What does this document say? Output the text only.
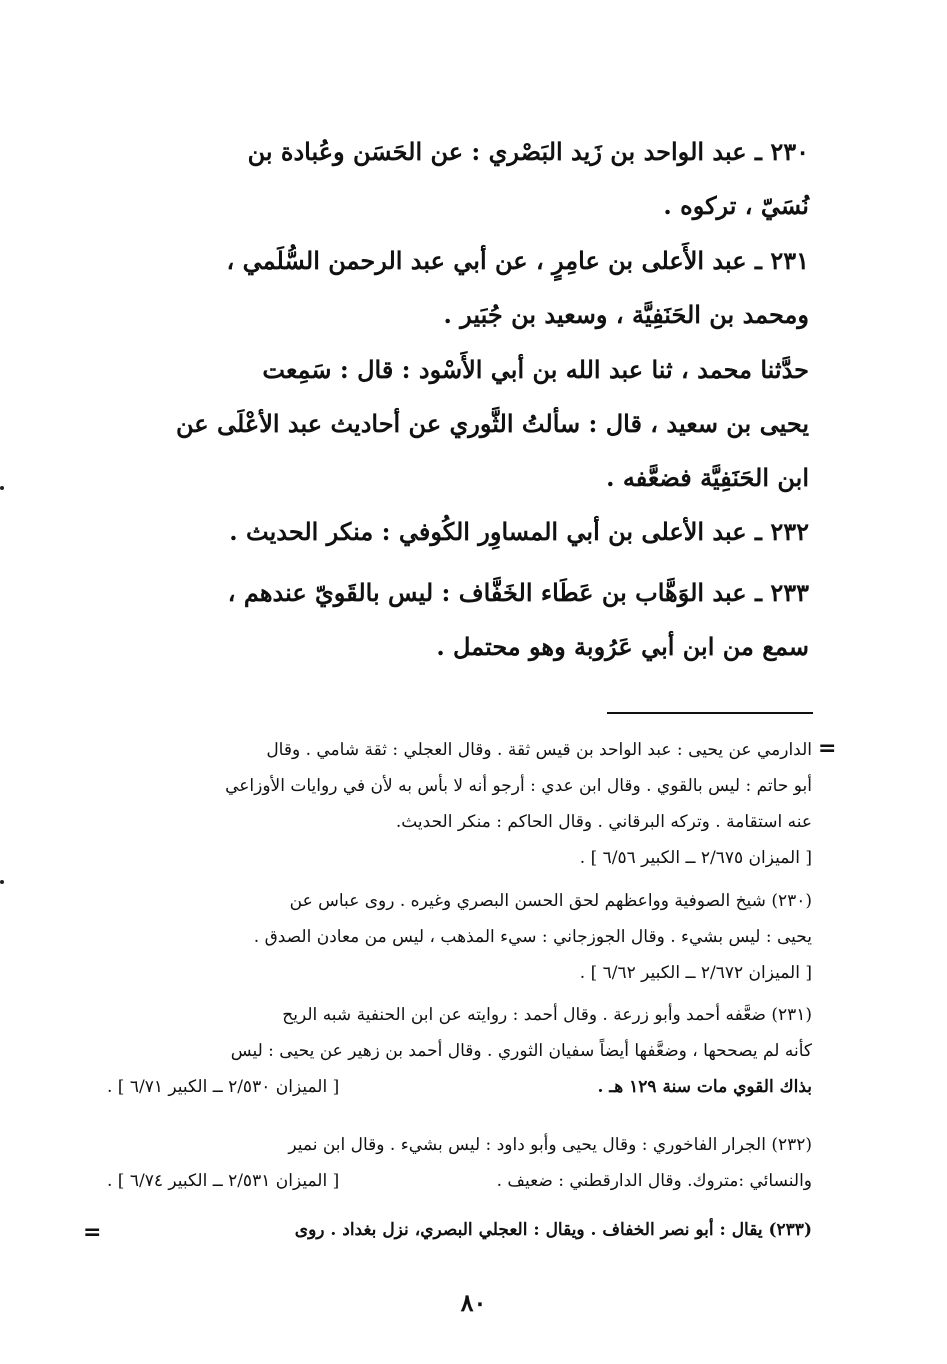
٢٣٠ ـ عبد الواحد بن زَيد البَصْري : عن الحَسَن وعُبادة بن

نُسَيّ ، تركوه .

٢٣١ ـ عبد الأَعلى بن عامِرٍ ، عن أبي عبد الرحمن السُّلَمي ،

ومحمد بن الحَنَفِيَّة ، وسعيد بن جُبَير .

حدَّثنا محمد ، ثنا عبد الله بن أبي الأَسْود : قال : سَمِعت

يحيى بن سعيد ، قال : سألتُ الثَّوري عن أحاديث عبد الأعْلَى عن

ابن الحَنَفِيَّة فضعَّفه .

٢٣٢ ـ عبد الأعلى بن أبي المساوِر الكُوفي : منكر الحديث .

٢٣٣ ـ عبد الوَهَّاب بن عَطَاء الخَفَّاف : ليس بالقَويّ عندهم ،

سمع من ابن أبي عَرُوبة وهو محتمل .

=

الدارمي عن يحيى : عبد الواحد بن قيس ثقة . وقال العجلي : ثقة شامي . وقال

أبو حاتم : ليس بالقوي . وقال ابن عدي : أرجو أنه لا بأس به لأن في روايات الأوزاعي

عنه استقامة . وتركه البرقاني . وقال الحاكم : منكر الحديث.

[ الميزان ٢/٦٧٥ ــ الكبير ٦/٥٦ ] .

(٢٣٠) شيخ الصوفية وواعظهم لحق الحسن البصري وغيره . روى عباس عن

يحيى : ليس بشيء . وقال الجوزجاني : سيء المذهب ، ليس من معادن الصدق .

[ الميزان ٢/٦٧٢ ــ الكبير ٦/٦٢ ] .

(٢٣١) ضعَّفه أحمد وأبو زرعة . وقال أحمد : روايته عن ابن الحنفية شبه الريح

كأنه لم يصححها ، وضعَّفها أيضاً سفيان الثوري . وقال أحمد بن زهير عن يحيى : ليس

بذاك القوي مات سنة ١٢٩ هـ .
[ الميزان ٢/٥٣٠ ــ الكبير ٦/٧١ ] .

(٢٣٢) الجرار الفاخوري : وقال يحيى وأبو داود : ليس بشيء . وقال ابن نمير

والنسائي :متروك. وقال الدارقطني : ضعيف .
[ الميزان ٢/٥٣١ ــ الكبير ٦/٧٤ ] .

(٢٣٣) يقال : أبو نصر الخفاف . ويقال : العجلي البصري، نزل بغداد . روى

=
٨٠
